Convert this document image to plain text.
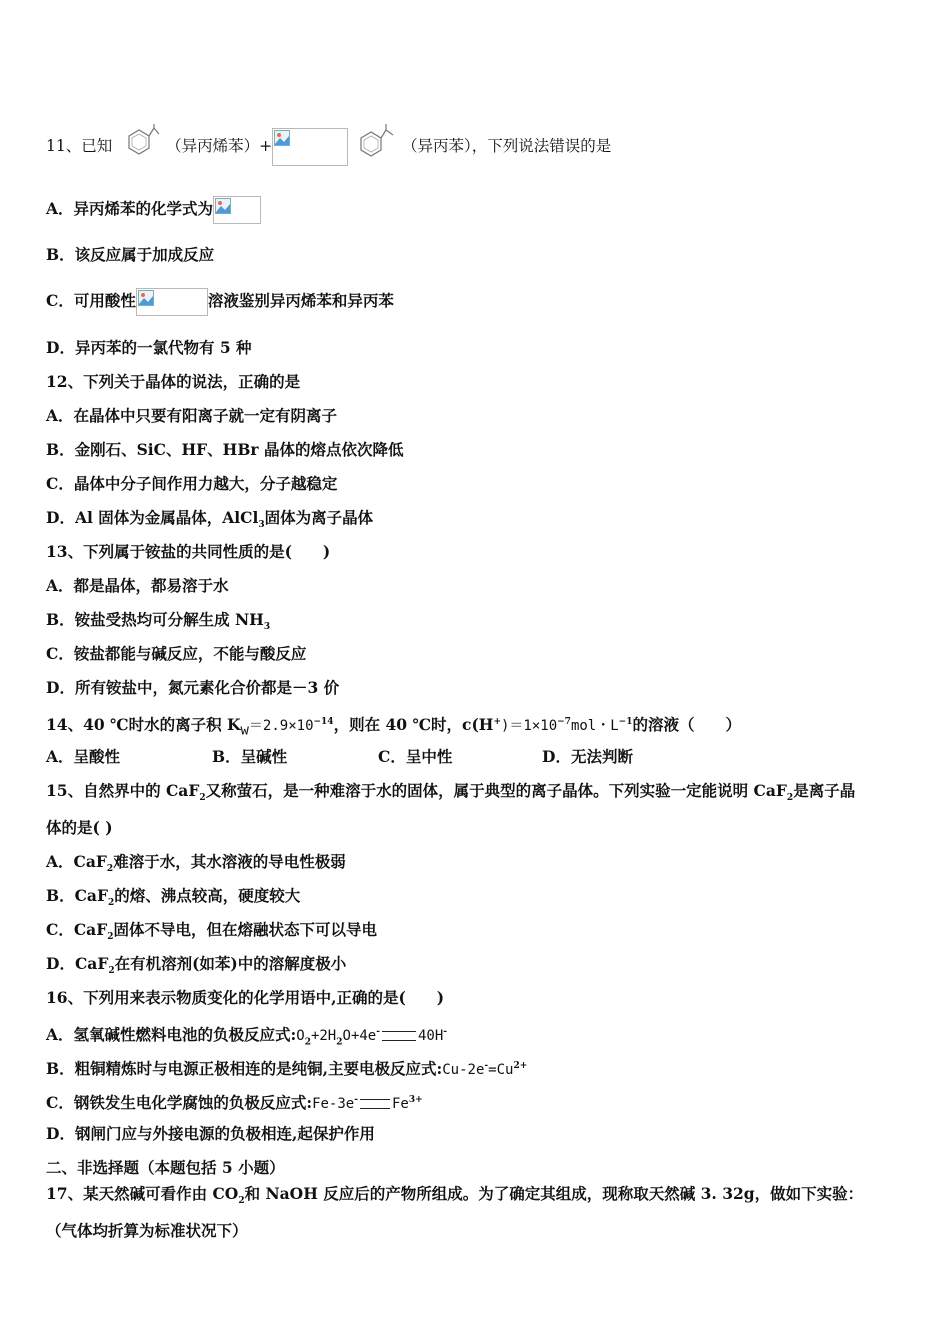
11、已知	（异丙烯苯）+	（异丙苯），下列说法错误的是
A．异丙烯苯的化学式为
B．该反应属于加成反应
C．可用酸性	溶液鉴别异丙烯苯和异丙苯
D．异丙苯的一氯代物有 5 种
12、下列关于晶体的说法，正确的是
A．在晶体中只要有阳离子就一定有阴离子
B．金刚石、SiC、HF、HBr 晶体的熔点依次降低
C．晶体中分子间作用力越大，分子越稳定
D．Al 固体为金属晶体，AlCl$_3$固体为离子晶体
13、下列属于铵盐的共同性质的是(　　)
A．都是晶体，都易溶于水
B．铵盐受热均可分解生成 $NH_3$
C．铵盐都能与碱反应，不能与酸反应
D．所有铵盐中，氮元素化合价都是－3 价
14、40 ℃时水的离子积 $K_w=2.9\times 10^{-14}$，则在 40 ℃时，$c(H^+)=1\times 10^{-7}mol$・$L^{-1}$的溶液（　　）
A．呈酸性	B．呈碱性	C．呈中性	D．无法判断
15、自然界中的 CaF$_2$又称萤石，是一种难溶于水的固体，属于典型的离子晶体。下列实验一定能说明 CaF$_2$是离子晶
体的是( )
A．CaF$_2$难溶于水，其水溶液的导电性极弱
B．CaF$_2$的熔、沸点较高，硬度较大
C．CaF$_2$固体不导电，但在熔融状态下可以导电
D．CaF$_2$在有机溶剂(如苯)中的溶解度极小
16、下列用来表示物质变化的化学用语中,正确的是(　　)
A．氢氧碱性燃料电池的负极反应式$:O_2+2H_2O+4e^-$	40H-
B．粗铜精炼时与电源正极相连的是纯铜,主要电极反应式$:Cu-2e^-=Cu^{2+}$
C．钢铁发生电化学腐蚀的负极反应式:Fe-3e- $Fe^{3+}$
D．钢闸门应与外接电源的负极相连,起保护作用
二、非选择题（本题包括 5 小题）
17、某天然碱可看作由 $CO_2$和 NaOH 反应后的产物所组成。为了确定其组成，现称取天然碱 3. 32g，做如下实验：
（气体均折算为标准状况下）
